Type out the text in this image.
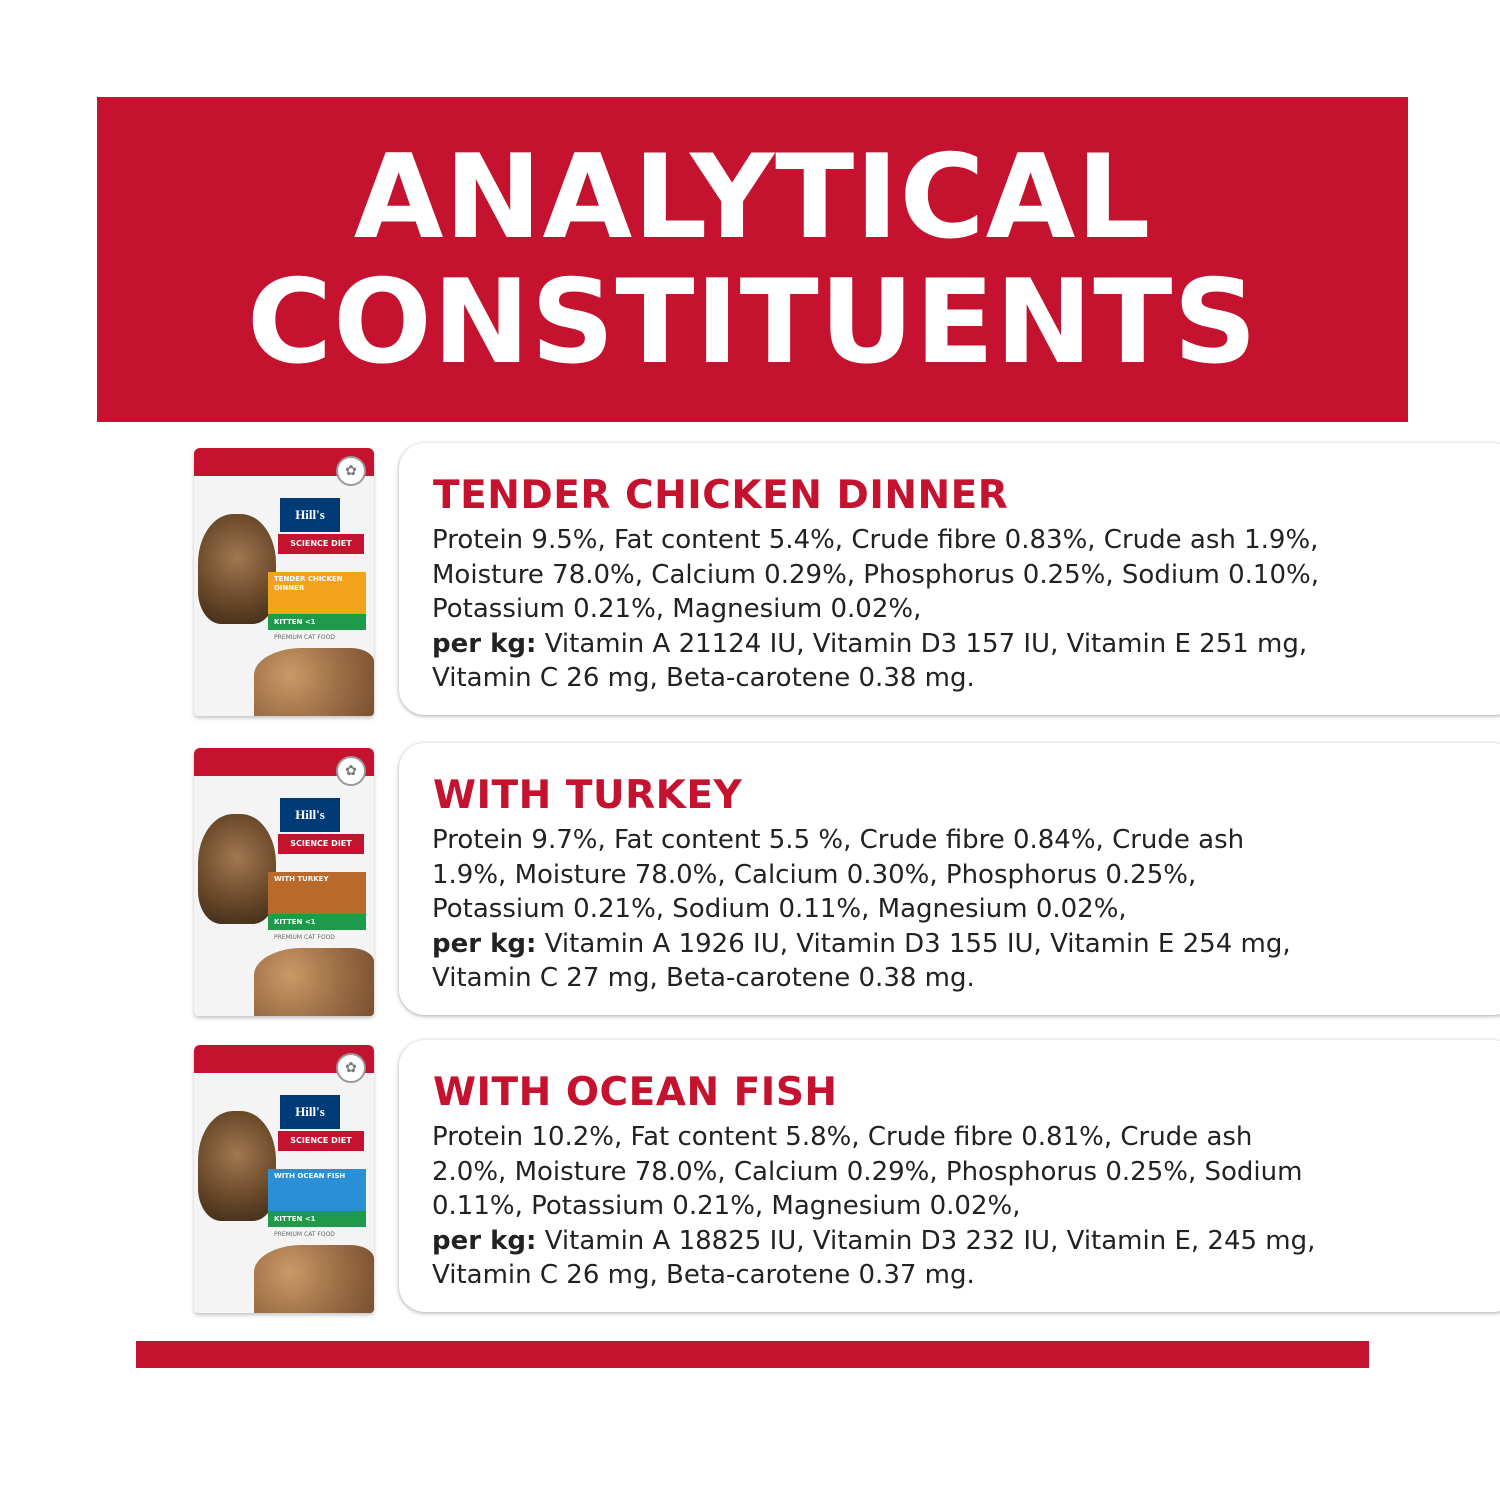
ANALYTICAL
CONSTITUENTS
✿
Hill's
SCIENCE DIET
TENDER CHICKEN DINNER
KITTEN <1
PREMIUM CAT FOOD
TENDER CHICKEN DINNER
Protein 9.5%, Fat content 5.4%, Crude fibre 0.83%, Crude ash 1.9%, Moisture 78.0%, Calcium 0.29%, Phosphorus 0.25%, Sodium 0.10%, Potassium 0.21%, Magnesium 0.02%,
per kg: Vitamin A 21124 IU, Vitamin D3 157 IU, Vitamin E 251 mg, Vitamin C 26 mg, Beta-carotene 0.38 mg.
✿
Hill's
SCIENCE DIET
WITH TURKEY
KITTEN <1
PREMIUM CAT FOOD
WITH TURKEY
Protein 9.7%, Fat content 5.5 %, Crude fibre 0.84%, Crude ash 1.9%, Moisture 78.0%, Calcium 0.30%, Phosphorus 0.25%, Potassium 0.21%, Sodium 0.11%, Magnesium 0.02%,
per kg: Vitamin A 1926 IU, Vitamin D3 155 IU, Vitamin E 254 mg, Vitamin C 27 mg, Beta-carotene 0.38 mg.
✿
Hill's
SCIENCE DIET
WITH OCEAN FISH
KITTEN <1
PREMIUM CAT FOOD
WITH OCEAN FISH
Protein 10.2%, Fat content 5.8%, Crude fibre 0.81%, Crude ash 2.0%, Moisture 78.0%, Calcium 0.29%, Phosphorus 0.25%, Sodium 0.11%, Potassium 0.21%, Magnesium 0.02%,
per kg: Vitamin A 18825 IU, Vitamin D3 232 IU, Vitamin E, 245 mg, Vitamin C 26 mg, Beta-carotene 0.37 mg.
